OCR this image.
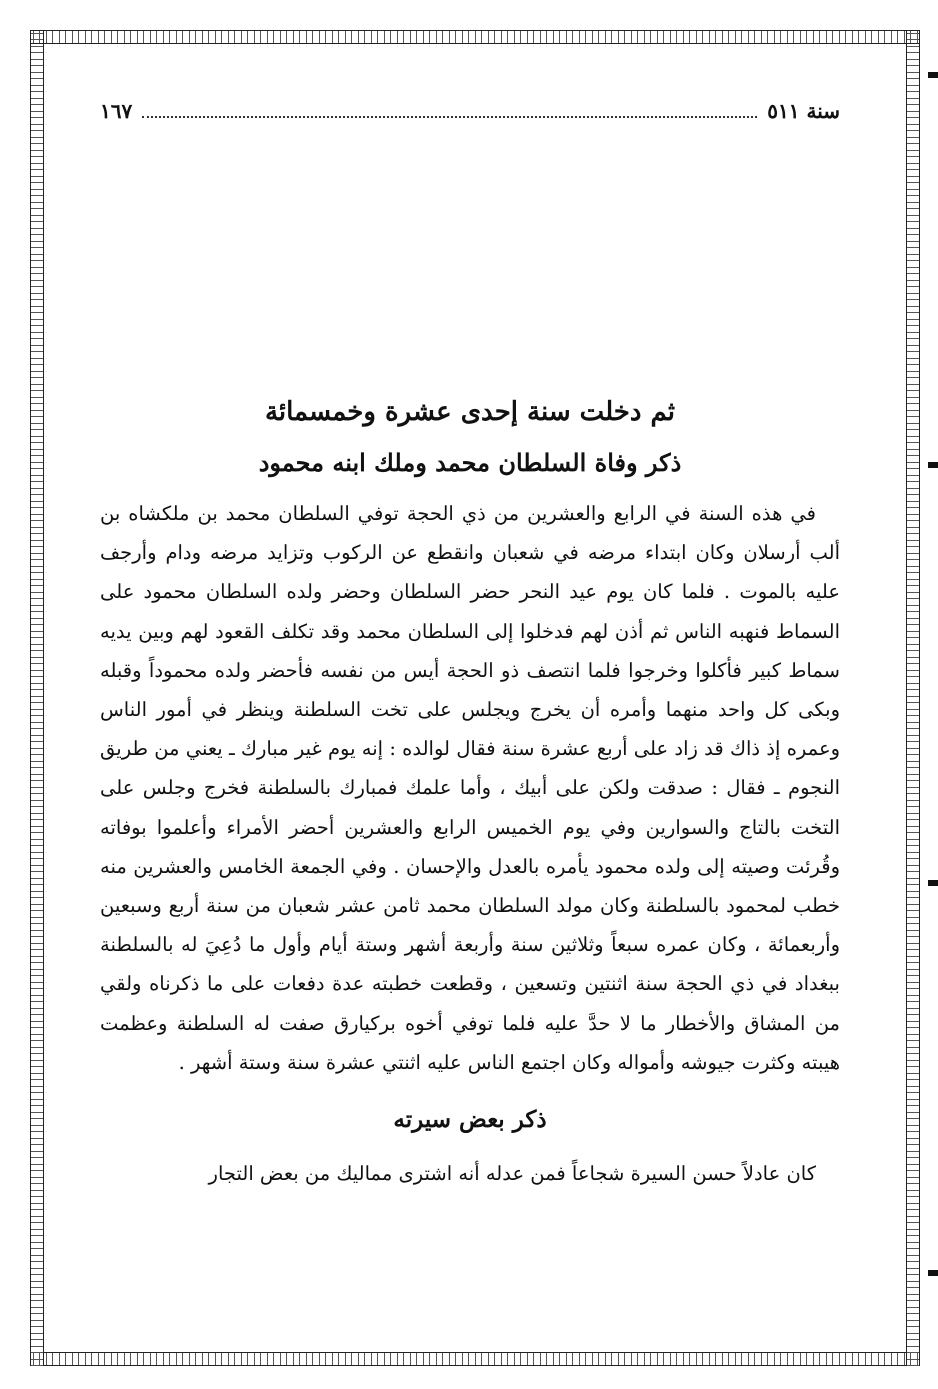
سنة ٥١١
١٦٧
ثم دخلت سنة إحدى عشرة وخمسمائة
ذكر وفاة السلطان محمد وملك ابنه محمود

في هذه السنة في الرابع والعشرين من ذي الحجة توفي السلطان محمد بن ملكشاه بن ألب أرسلان وكان ابتداء مرضه في شعبان وانقطع عن الركوب وتزايد مرضه ودام وأرجف عليه بالموت . فلما كان يوم عيد النحر حضر السلطان وحضر ولده السلطان محمود على السماط فنهبه الناس ثم أذن لهم فدخلوا إلى السلطان محمد وقد تكلف القعود لهم وبين يديه سماط كبير فأكلوا وخرجوا فلما انتصف ذو الحجة أيس من نفسه فأحضر ولده محموداً وقبله وبكى كل واحد منهما وأمره أن يخرج ويجلس على تخت السلطنة وينظر في أمور الناس وعمره إذ ذاك قد زاد على أربع عشرة سنة فقال لوالده : إنه يوم غير مبارك ـ يعني من طريق النجوم ـ فقال : صدقت ولكن على أبيك ، وأما علمك فمبارك بالسلطنة فخرج وجلس على التخت بالتاج والسوارين وفي يوم الخميس الرابع والعشرين أحضر الأمراء وأعلموا بوفاته وقُرئت وصيته إلى ولده محمود يأمره بالعدل والإحسان . وفي الجمعة الخامس والعشرين منه خطب لمحمود بالسلطنة وكان مولد السلطان محمد ثامن عشر شعبان من سنة أربع وسبعين وأربعمائة ، وكان عمره سبعاً وثلاثين سنة وأربعة أشهر وستة أيام وأول ما دُعِيَ له بالسلطنة ببغداد في ذي الحجة سنة اثنتين وتسعين ، وقطعت خطبته عدة دفعات على ما ذكرناه ولقي من المشاق والأخطار ما لا حدَّ عليه فلما توفي أخوه بركيارق صفت له السلطنة وعظمت هيبته وكثرت جيوشه وأمواله وكان اجتمع الناس عليه اثنتي عشرة سنة وستة أشهر .

ذكر بعض سيرته

كان عادلاً حسن السيرة شجاعاً فمن عدله أنه اشترى مماليك من بعض التجار
